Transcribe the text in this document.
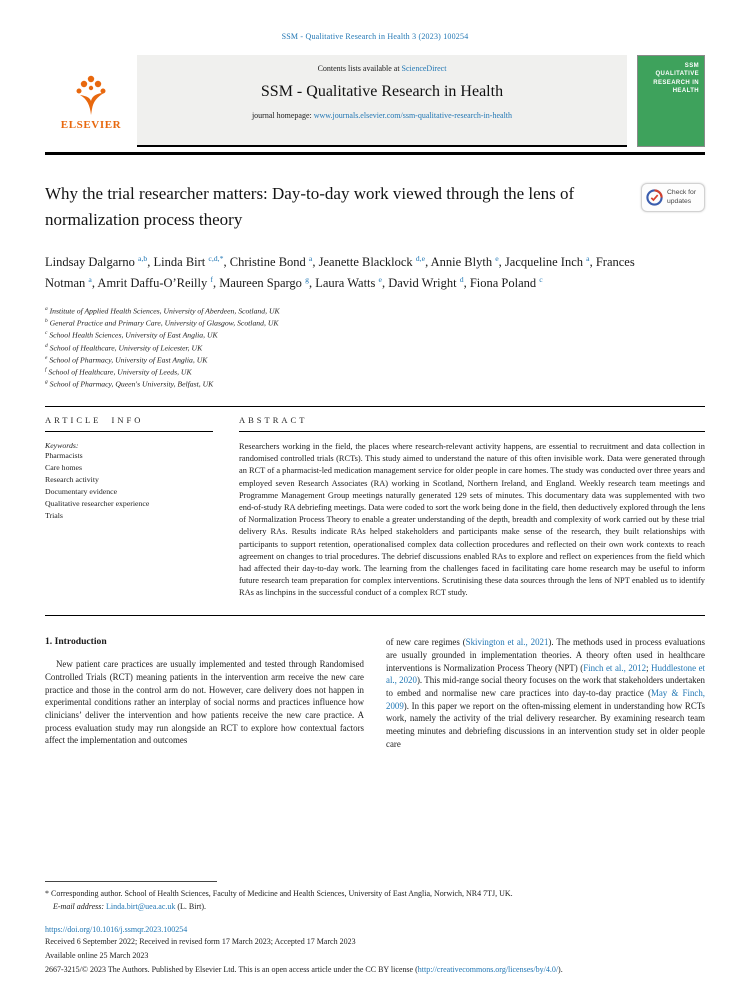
SSM - Qualitative Research in Health 3 (2023) 100254
ELSEVIER
Contents lists available at ScienceDirect
SSM - Qualitative Research in Health
journal homepage: www.journals.elsevier.com/ssm-qualitative-research-in-health
SSM
QUALITATIVE
RESEARCH IN
HEALTH
Why the trial researcher matters: Day-to-day work viewed through the lens of normalization process theory
Check for updates
Lindsay Dalgarno $^{a,b}$, Linda Birt $^{c,d,*}$, Christine Bond $^a$, Jeanette Blacklock $^{d,e}$, Annie Blyth $^e$, Jacqueline Inch $^a$, Frances Notman $^a$, Amrit Daffu-O’Reilly $^f$, Maureen Spargo $^g$, Laura Watts $^e$, David Wright $^d$, Fiona Poland $^c$
$^a$ Institute of Applied Health Sciences, University of Aberdeen, Scotland, UK
$^b$ General Practice and Primary Care, University of Glasgow, Scotland, UK
$^c$ School Health Sciences, University of East Anglia, UK
$^d$ School of Healthcare, University of Leicester, UK
$^e$ School of Pharmacy, University of East Anglia, UK
$^f$ School of Healthcare, University of Leeds, UK
$^g$ School of Pharmacy, Queen's University, Belfast, UK
ARTICLE INFO
Keywords:
Pharmacists
Care homes
Research activity
Documentary evidence
Qualitative researcher experience
Trials
ABSTRACT

Researchers working in the field, the places where research-relevant activity happens, are essential to recruitment and data collection in randomised controlled trials (RCTs). This study aimed to understand the nature of this often invisible work. Data were generated through an RCT of a pharmacist-led medication management service for older people in care homes. The study was conducted over three years and employed seven Research Associates (RA) working in Scotland, Northern Ireland, and England. Weekly research team meetings and Programme Management Group meetings naturally generated 129 sets of minutes. This documentary data was supplemented with two end-of-study RA debriefing meetings. Data were coded to sort the work being done in the field, then deductively explored through the lens of Normalization Process Theory to enable a greater understanding of the depth, breadth and complexity of work carried out by these trial delivery RAs. Results indicate RAs helped stakeholders and participants make sense of the research, they built relationships with participants to support retention, operationalised complex data collection procedures and reflected on their own work contexts to reach agreement on changes to trial procedures. The debrief discussions enabled RAs to explore and reflect on experiences from the field which had affected their day-to-day work. The learning from the challenges faced in facilitating care home research may be useful to inform future research team preparation for complex interventions. Scrutinising these data sources through the lens of NPT enabled us to identify RAs as linchpins in the successful conduct of a complex RCT study.

1. Introduction

New patient care practices are usually implemented and tested through Randomised Controlled Trials (RCT) meaning patients in the intervention arm receive the new care practice and those in the control arm do not. However, care delivery does not happen in experimental conditions rather an interplay of social norms and practices influence how clinicians’ deliver the intervention and how patients receive the new care practice. A process evaluation study may run alongside an RCT to explore how contextual factors affect the implementation and outcomes

of new care regimes (Skivington et al., 2021). The methods used in process evaluations are usually grounded in implementation theories. A theory often used in healthcare interventions is Normalization Process Theory (NPT) (Finch et al., 2012; Huddlestone et al., 2020). This mid-range social theory focuses on the work that stakeholders undertaken to embed and normalise new care practices into day-to-day practice (May & Finch, 2009). In this paper we report on the often-missing element in understanding how RCTs work, namely the activity of the trial delivery researcher. By examining research team meeting minutes and debriefing discussions in an intervention study set in older people care

* Corresponding author. School of Health Sciences, Faculty of Medicine and Health Sciences, University of East Anglia, Norwich, NR4 7TJ, UK.
E-mail address: Linda.birt@uea.ac.uk (L. Birt).
https://doi.org/10.1016/j.ssmqr.2023.100254
Received 6 September 2022; Received in revised form 17 March 2023; Accepted 17 March 2023
Available online 25 March 2023
2667-3215/© 2023 The Authors. Published by Elsevier Ltd. This is an open access article under the CC BY license (http://creativecommons.org/licenses/by/4.0/).
